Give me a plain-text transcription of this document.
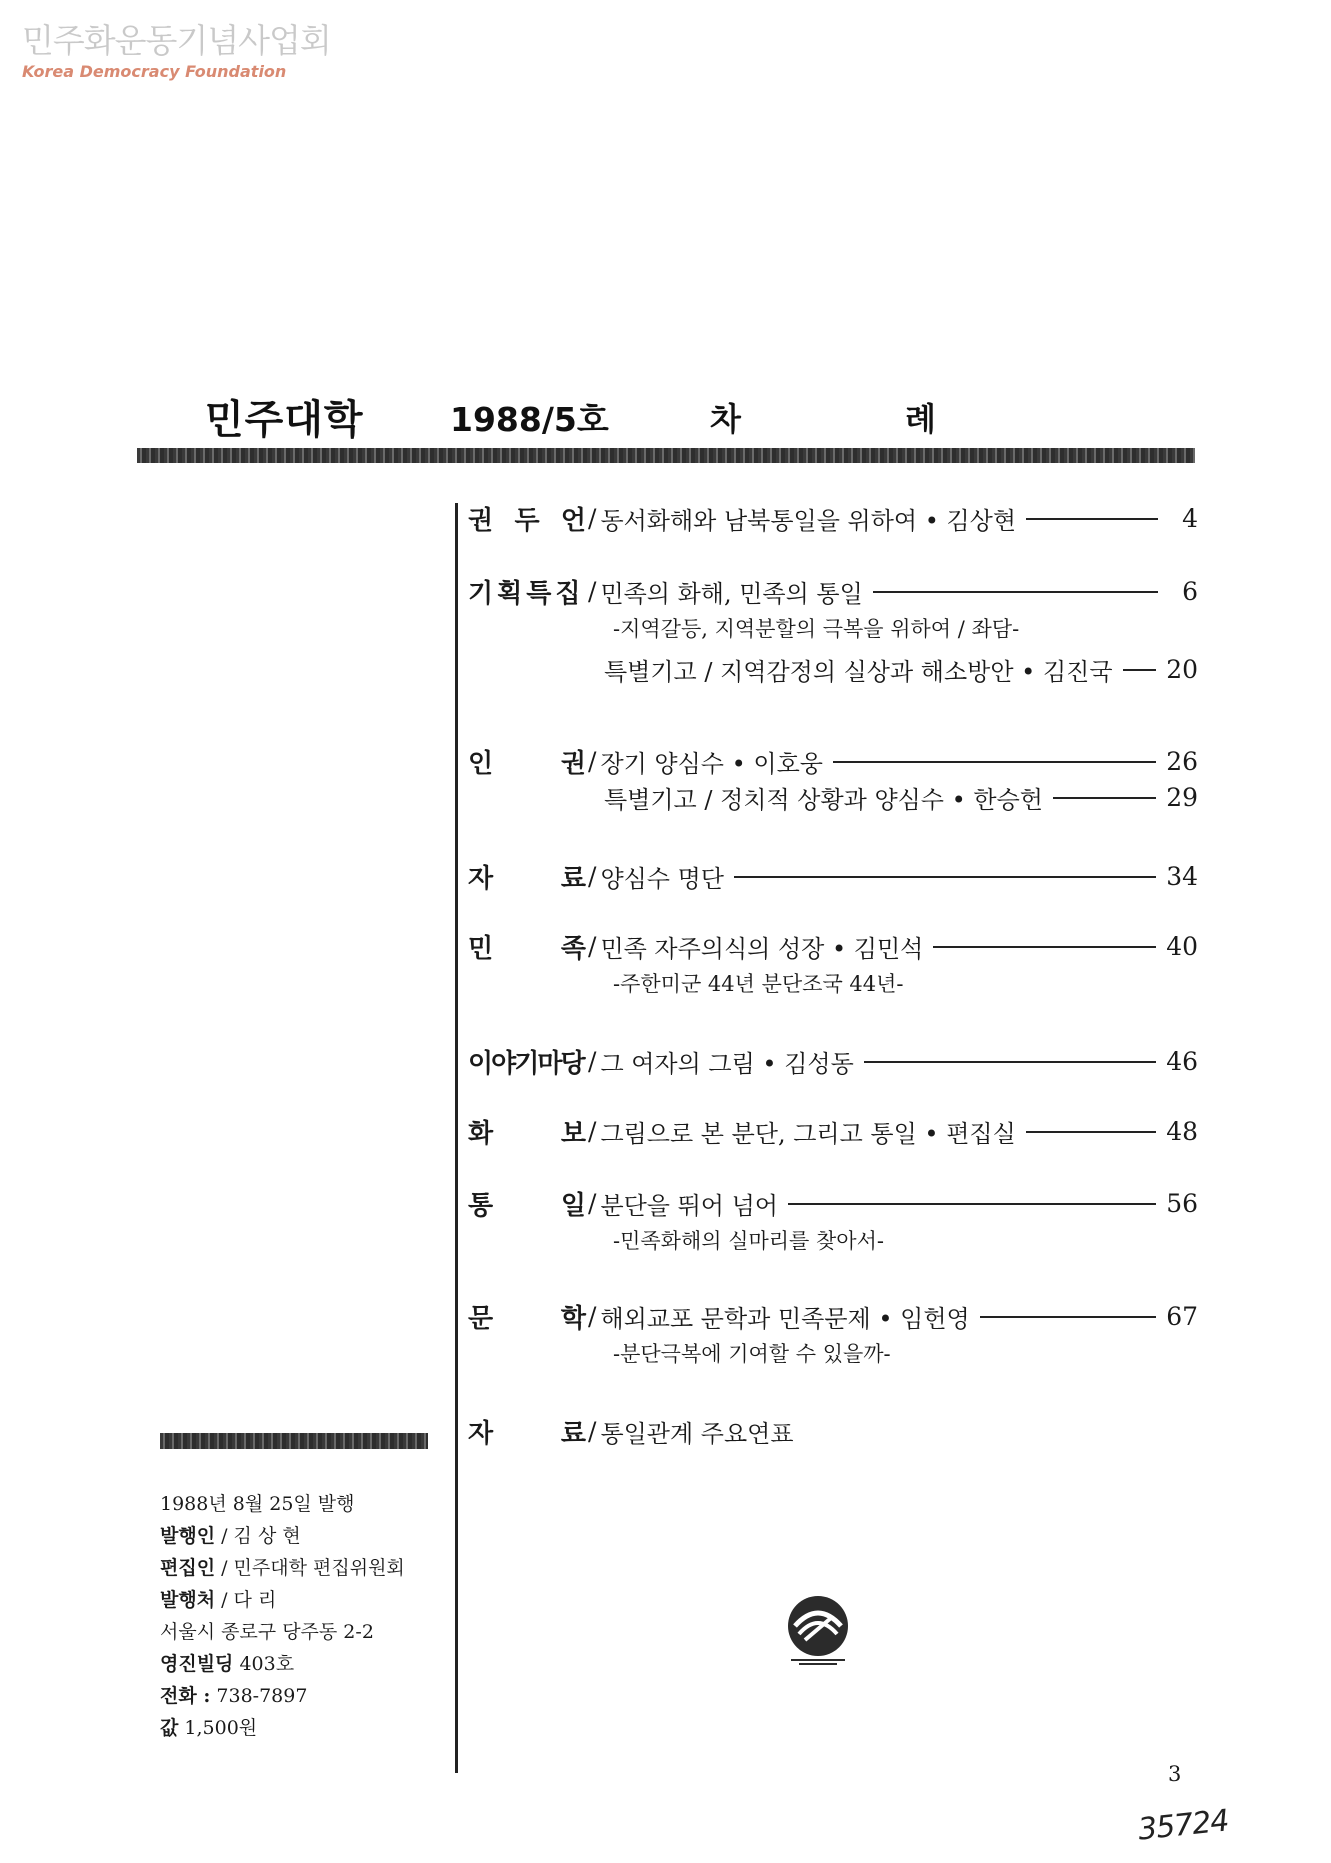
민주화운동기념사업회
Korea Democracy Foundation
민주대학	1988/5호	차	례
권 두 언 / 동서화해와 남북통일을 위하여 • 김상현	4
기획특집 / 민족의 화해, 민족의 통일	6
-지역갈등, 지역분할의 극복을 위하여 / 좌담-
특별기고 / 지역감정의 실상과 해소방안 • 김진국 20
인	권 / 장기 양심수 • 이호웅	26
특별기고 / 정치적 상황과 양심수 • 한승헌	29
자	료 / 양심수 명단	34
민	족 / 민족 자주의식의 성장 • 김민석	40
-주한미군 44년 분단조국 44년-
이야기마당 / 그 여자의 그림 • 김성동	46
화	보 / 그림으로 본 분단, 그리고 통일 • 편집실	48
통	일 / 분단을 뛰어 넘어	56
-민족화해의 실마리를 찾아서-
문	학 / 해외교포 문학과 민족문제 • 임헌영	67
-분단극복에 기여할 수 있을까-
자	료 / 통일관계 주요연표
1988년 8월 25일 발행
발행인 / 김 상 현
편집인 / 민주대학 편집위원회
발행처 / 다 리
서울시 종로구 당주동 2-2
영진빌딩 403호
전화 : 738-7897
값 1,500원
3
35724
